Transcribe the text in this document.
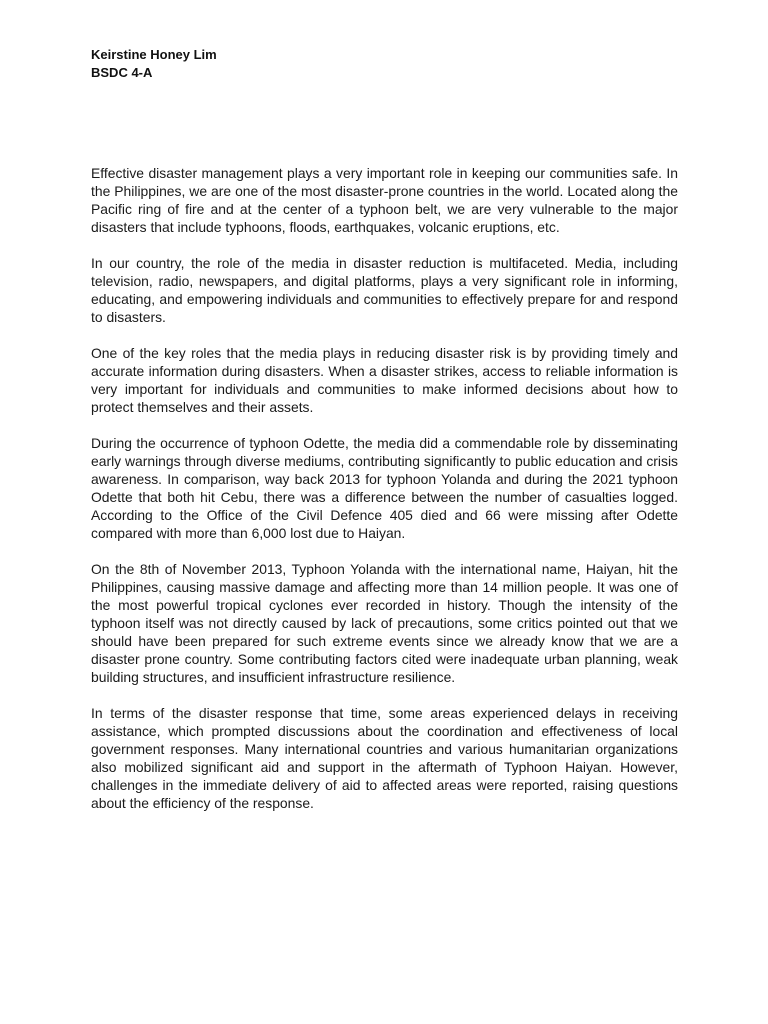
Keirstine Honey Lim
BSDC 4-A

Effective disaster management plays a very important role in keeping our communities safe. In the Philippines, we are one of the most disaster-prone countries in the world. Located along the Pacific ring of fire and at the center of a typhoon belt, we are very vulnerable to the major disasters that include typhoons, floods, earthquakes, volcanic eruptions, etc.

In our country, the role of the media in disaster reduction is multifaceted. Media, including television, radio, newspapers, and digital platforms, plays a very significant role in informing, educating, and empowering individuals and communities to effectively prepare for and respond to disasters.

One of the key roles that the media plays in reducing disaster risk is by providing timely and accurate information during disasters. When a disaster strikes, access to reliable information is very important for individuals and communities to make informed decisions about how to protect themselves and their assets.

During the occurrence of typhoon Odette, the media did a commendable role by disseminating early warnings through diverse mediums, contributing significantly to public education and crisis awareness. In comparison, way back 2013 for typhoon Yolanda and during the 2021 typhoon Odette that both hit Cebu, there was a difference between the number of casualties logged. According to the Office of the Civil Defence 405 died and 66 were missing after Odette compared with more than 6,000 lost due to Haiyan.

On the 8th of November 2013, Typhoon Yolanda with the international name, Haiyan, hit the Philippines, causing massive damage and affecting more than 14 million people. It was one of the most powerful tropical cyclones ever recorded in history. Though the intensity of the typhoon itself was not directly caused by lack of precautions, some critics pointed out that we should have been prepared for such extreme events since we already know that we are a disaster prone country. Some contributing factors cited were inadequate urban planning, weak building structures, and insufficient infrastructure resilience.

In terms of the disaster response that time, some areas experienced delays in receiving assistance, which prompted discussions about the coordination and effectiveness of local government responses. Many international countries and various humanitarian organizations also mobilized significant aid and support in the aftermath of Typhoon Haiyan. However, challenges in the immediate delivery of aid to affected areas were reported, raising questions about the efficiency of the response.
